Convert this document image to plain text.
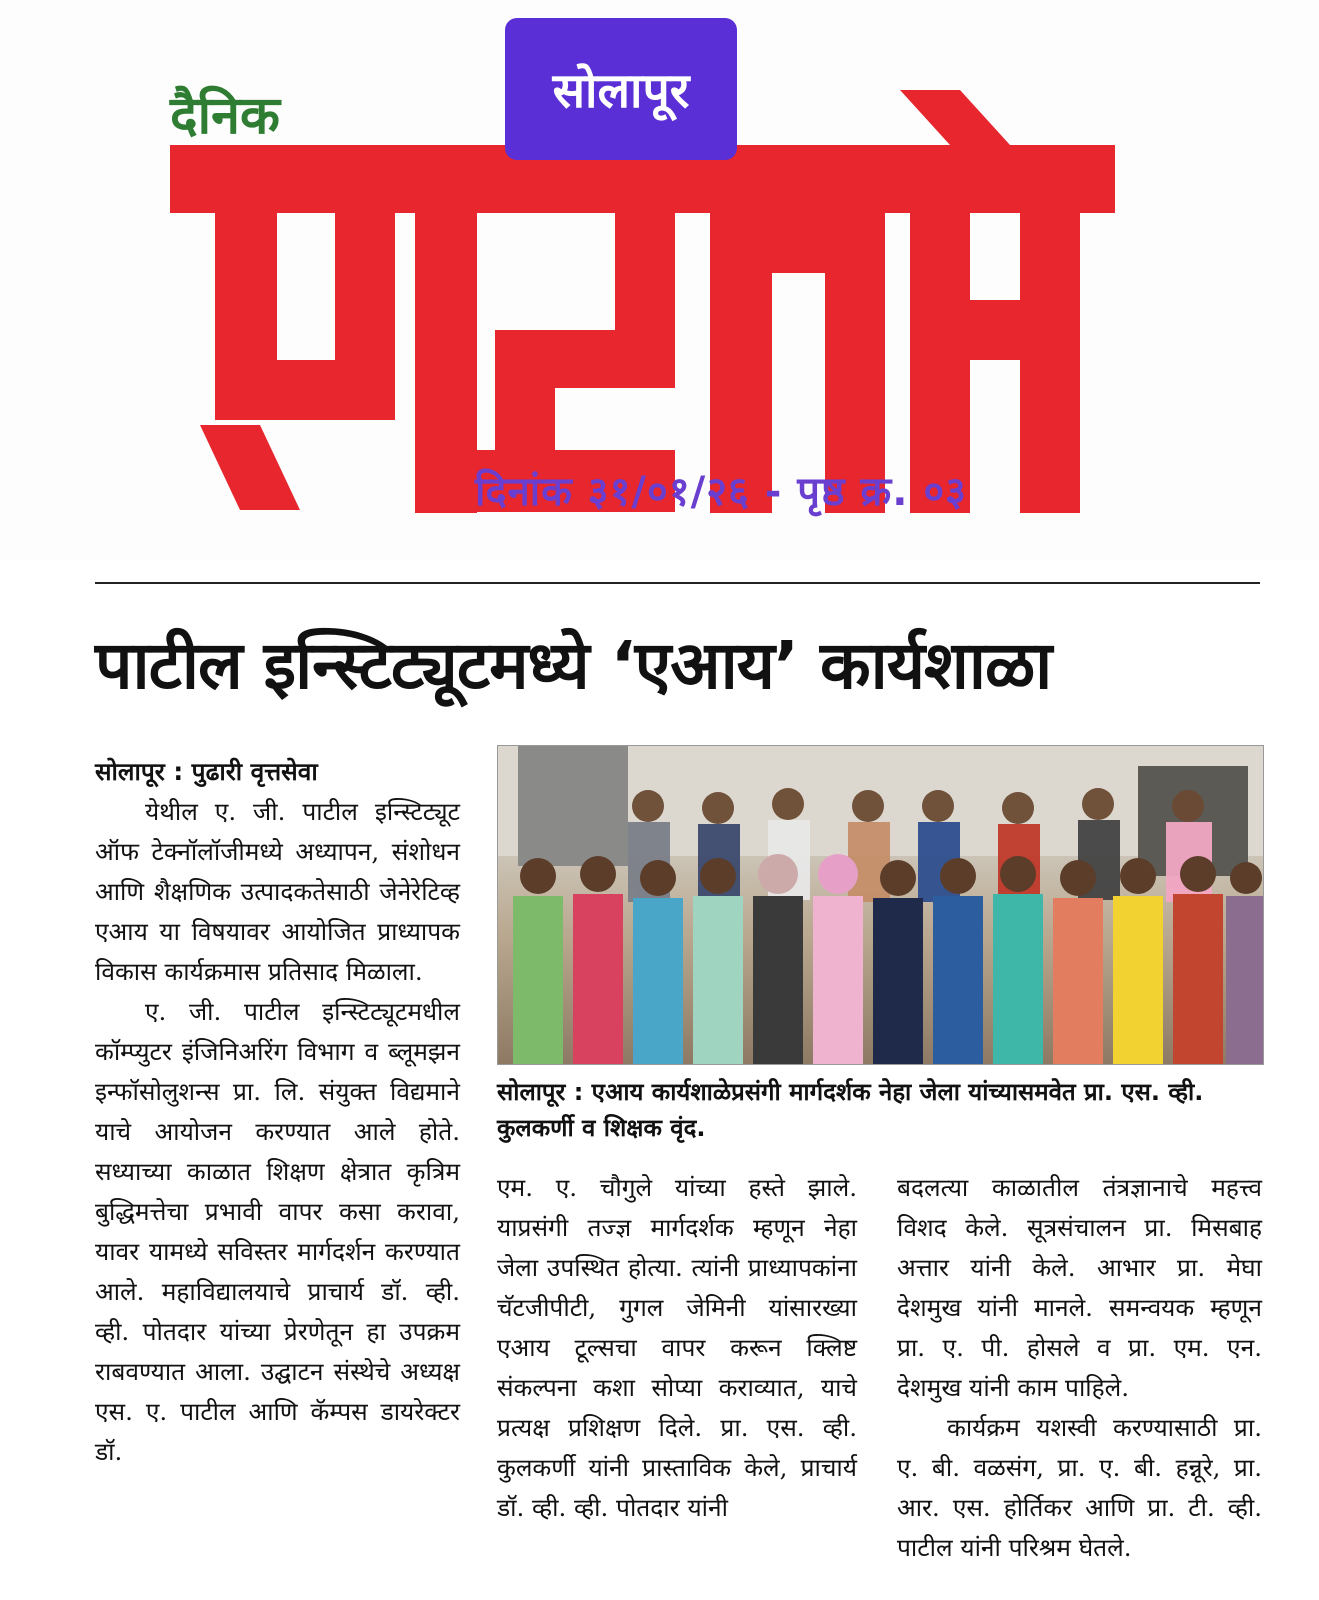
दैनिक	सोलापूर
दिनांक ३१/०१/२६ - पृष्ठ क्र. ०३
पाटील इन्स्टिट्यूटमध्ये ‘एआय’ कार्यशाळा
सोलापूर : पुढारी वृत्तसेवा

येथील ए. जी. पाटील इन्स्टिट्यूट ऑफ टेक्नॉलॉजीमध्ये अध्यापन, संशोधन आणि शैक्षणिक उत्पादकतेसाठी जेनेरेटिव्ह एआय या विषयावर आयोजित प्राध्यापक विकास कार्यक्रमास प्रतिसाद मिळाला.

ए. जी. पाटील इन्स्टिट्यूटमधील कॉम्प्युटर इंजिनिअरिंग विभाग व ब्लूमझन इन्फॉसोलुशन्स प्रा. लि. संयुक्त विद्यमाने याचे आयोजन करण्यात आले होते. सध्याच्या काळात शिक्षण क्षेत्रात कृत्रिम बुद्धिमत्तेचा प्रभावी वापर कसा करावा, यावर यामध्ये सविस्तर मार्गदर्शन करण्यात आले. महाविद्यालयाचे प्राचार्य डॉ. व्ही. व्ही. पोतदार यांच्या प्रेरणेतून हा उपक्रम राबवण्यात आला. उद्घाटन संस्थेचे अध्यक्ष एस. ए. पाटील आणि कॅम्पस डायरेक्टर डॉ.

सोलापूर : एआय कार्यशाळेप्रसंगी मार्गदर्शक नेहा जेला यांच्यासमवेत प्रा. एस. व्ही. कुलकर्णी व शिक्षक वृंद.

एम. ए. चौगुले यांच्या हस्ते झाले. याप्रसंगी तज्ज्ञ मार्गदर्शक म्हणून नेहा जेला उपस्थित होत्या. त्यांनी प्राध्यापकांना चॅटजीपीटी, गुगल जेमिनी यांसारख्या एआय टूल्सचा वापर करून क्लिष्ट संकल्पना कशा सोप्या कराव्यात, याचे प्रत्यक्ष प्रशिक्षण दिले. प्रा. एस. व्ही. कुलकर्णी यांनी प्रास्ताविक केले, प्राचार्य डॉ. व्ही. व्ही. पोतदार यांनी

बदलत्या काळातील तंत्रज्ञानाचे महत्त्व विशद केले. सूत्रसंचालन प्रा. मिसबाह अत्तार यांनी केले. आभार प्रा. मेघा देशमुख यांनी मानले. समन्वयक म्हणून प्रा. ए. पी. होसले व प्रा. एम. एन. देशमुख यांनी काम पाहिले.

कार्यक्रम यशस्वी करण्यासाठी प्रा. ए. बी. वळसंग, प्रा. ए. बी. हन्नूरे, प्रा. आर. एस. होर्तिकर आणि प्रा. टी. व्ही. पाटील यांनी परिश्रम घेतले.
